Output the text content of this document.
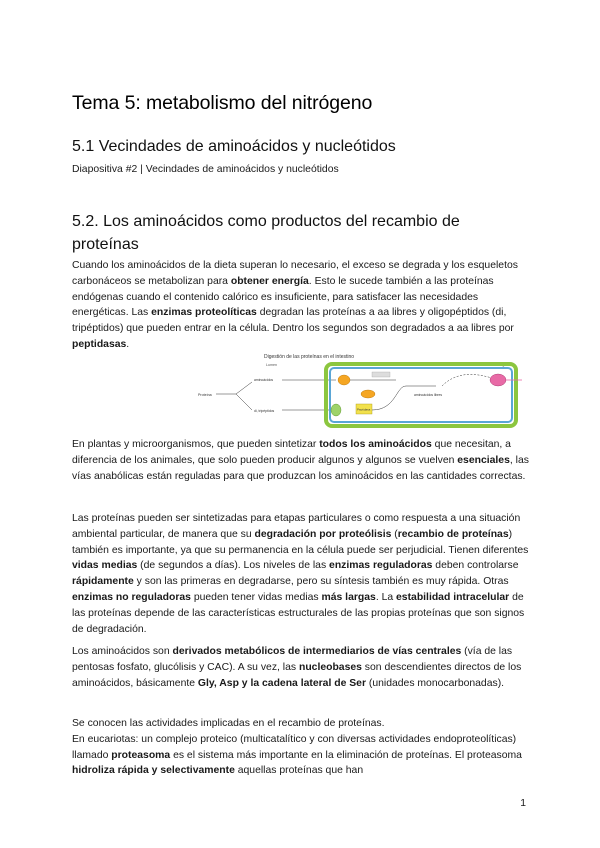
Tema 5: metabolismo del nitrógeno
5.1 Vecindades de aminoácidos y nucleótidos

Diapositiva #2 | Vecindades de aminoácidos y nucleótidos

5.2. Los aminoácidos como productos del recambio de proteínas

Cuando los aminoácidos de la dieta superan lo necesario, el exceso se degrada y los esqueletos carbonáceos se metabolizan para obtener energía. Esto le sucede también a las proteínas endógenas cuando el contenido calórico es insuficiente, para satisfacer las necesidades energéticas. Las enzimas proteolíticas degradan las proteínas a aa libres y oligopéptidos (di, tripéptidos) que pueden entrar en la célula. Dentro los segundos son degradados a aa libres por peptidasas.

Digestión de las proteínas en el intestino
Lumen	Sangre
Proteína
aminoácidos
di, tripéptidos	Peptidasa
aminoácidos libres

En plantas y microorganismos, que pueden sintetizar todos los aminoácidos que necesitan, a diferencia de los animales, que solo pueden producir algunos y algunos se vuelven esenciales, las vías anabólicas están reguladas para que produzcan los aminoácidos en las cantidades correctas.

Las proteínas pueden ser sintetizadas para etapas particulares o como respuesta a una situación ambiental particular, de manera que su degradación por proteólisis (recambio de proteínas) también es importante, ya que su permanencia en la célula puede ser perjudicial. Tienen diferentes vidas medias (de segundos a días). Los niveles de las enzimas reguladoras deben controlarse rápidamente y son las primeras en degradarse, pero su síntesis también es muy rápida. Otras enzimas no reguladoras pueden tener vidas medias más largas. La estabilidad intracelular de las proteínas depende de las características estructurales de las propias proteínas que son signos de degradación.

Los aminoácidos son derivados metabólicos de intermediarios de vías centrales (vía de las pentosas fosfato, glucólisis y CAC). A su vez, las nucleobases son descendientes directos de los aminoácidos, básicamente Gly, Asp y la cadena lateral de Ser (unidades monocarbonadas).

Se conocen las actividades implicadas en el recambio de proteínas.
En eucariotas: un complejo proteico (multicatalítico y con diversas actividades endoproteolíticas) llamado proteasoma es el sistema más importante en la eliminación de proteínas. El proteasoma hidroliza rápida y selectivamente aquellas proteínas que han

1
